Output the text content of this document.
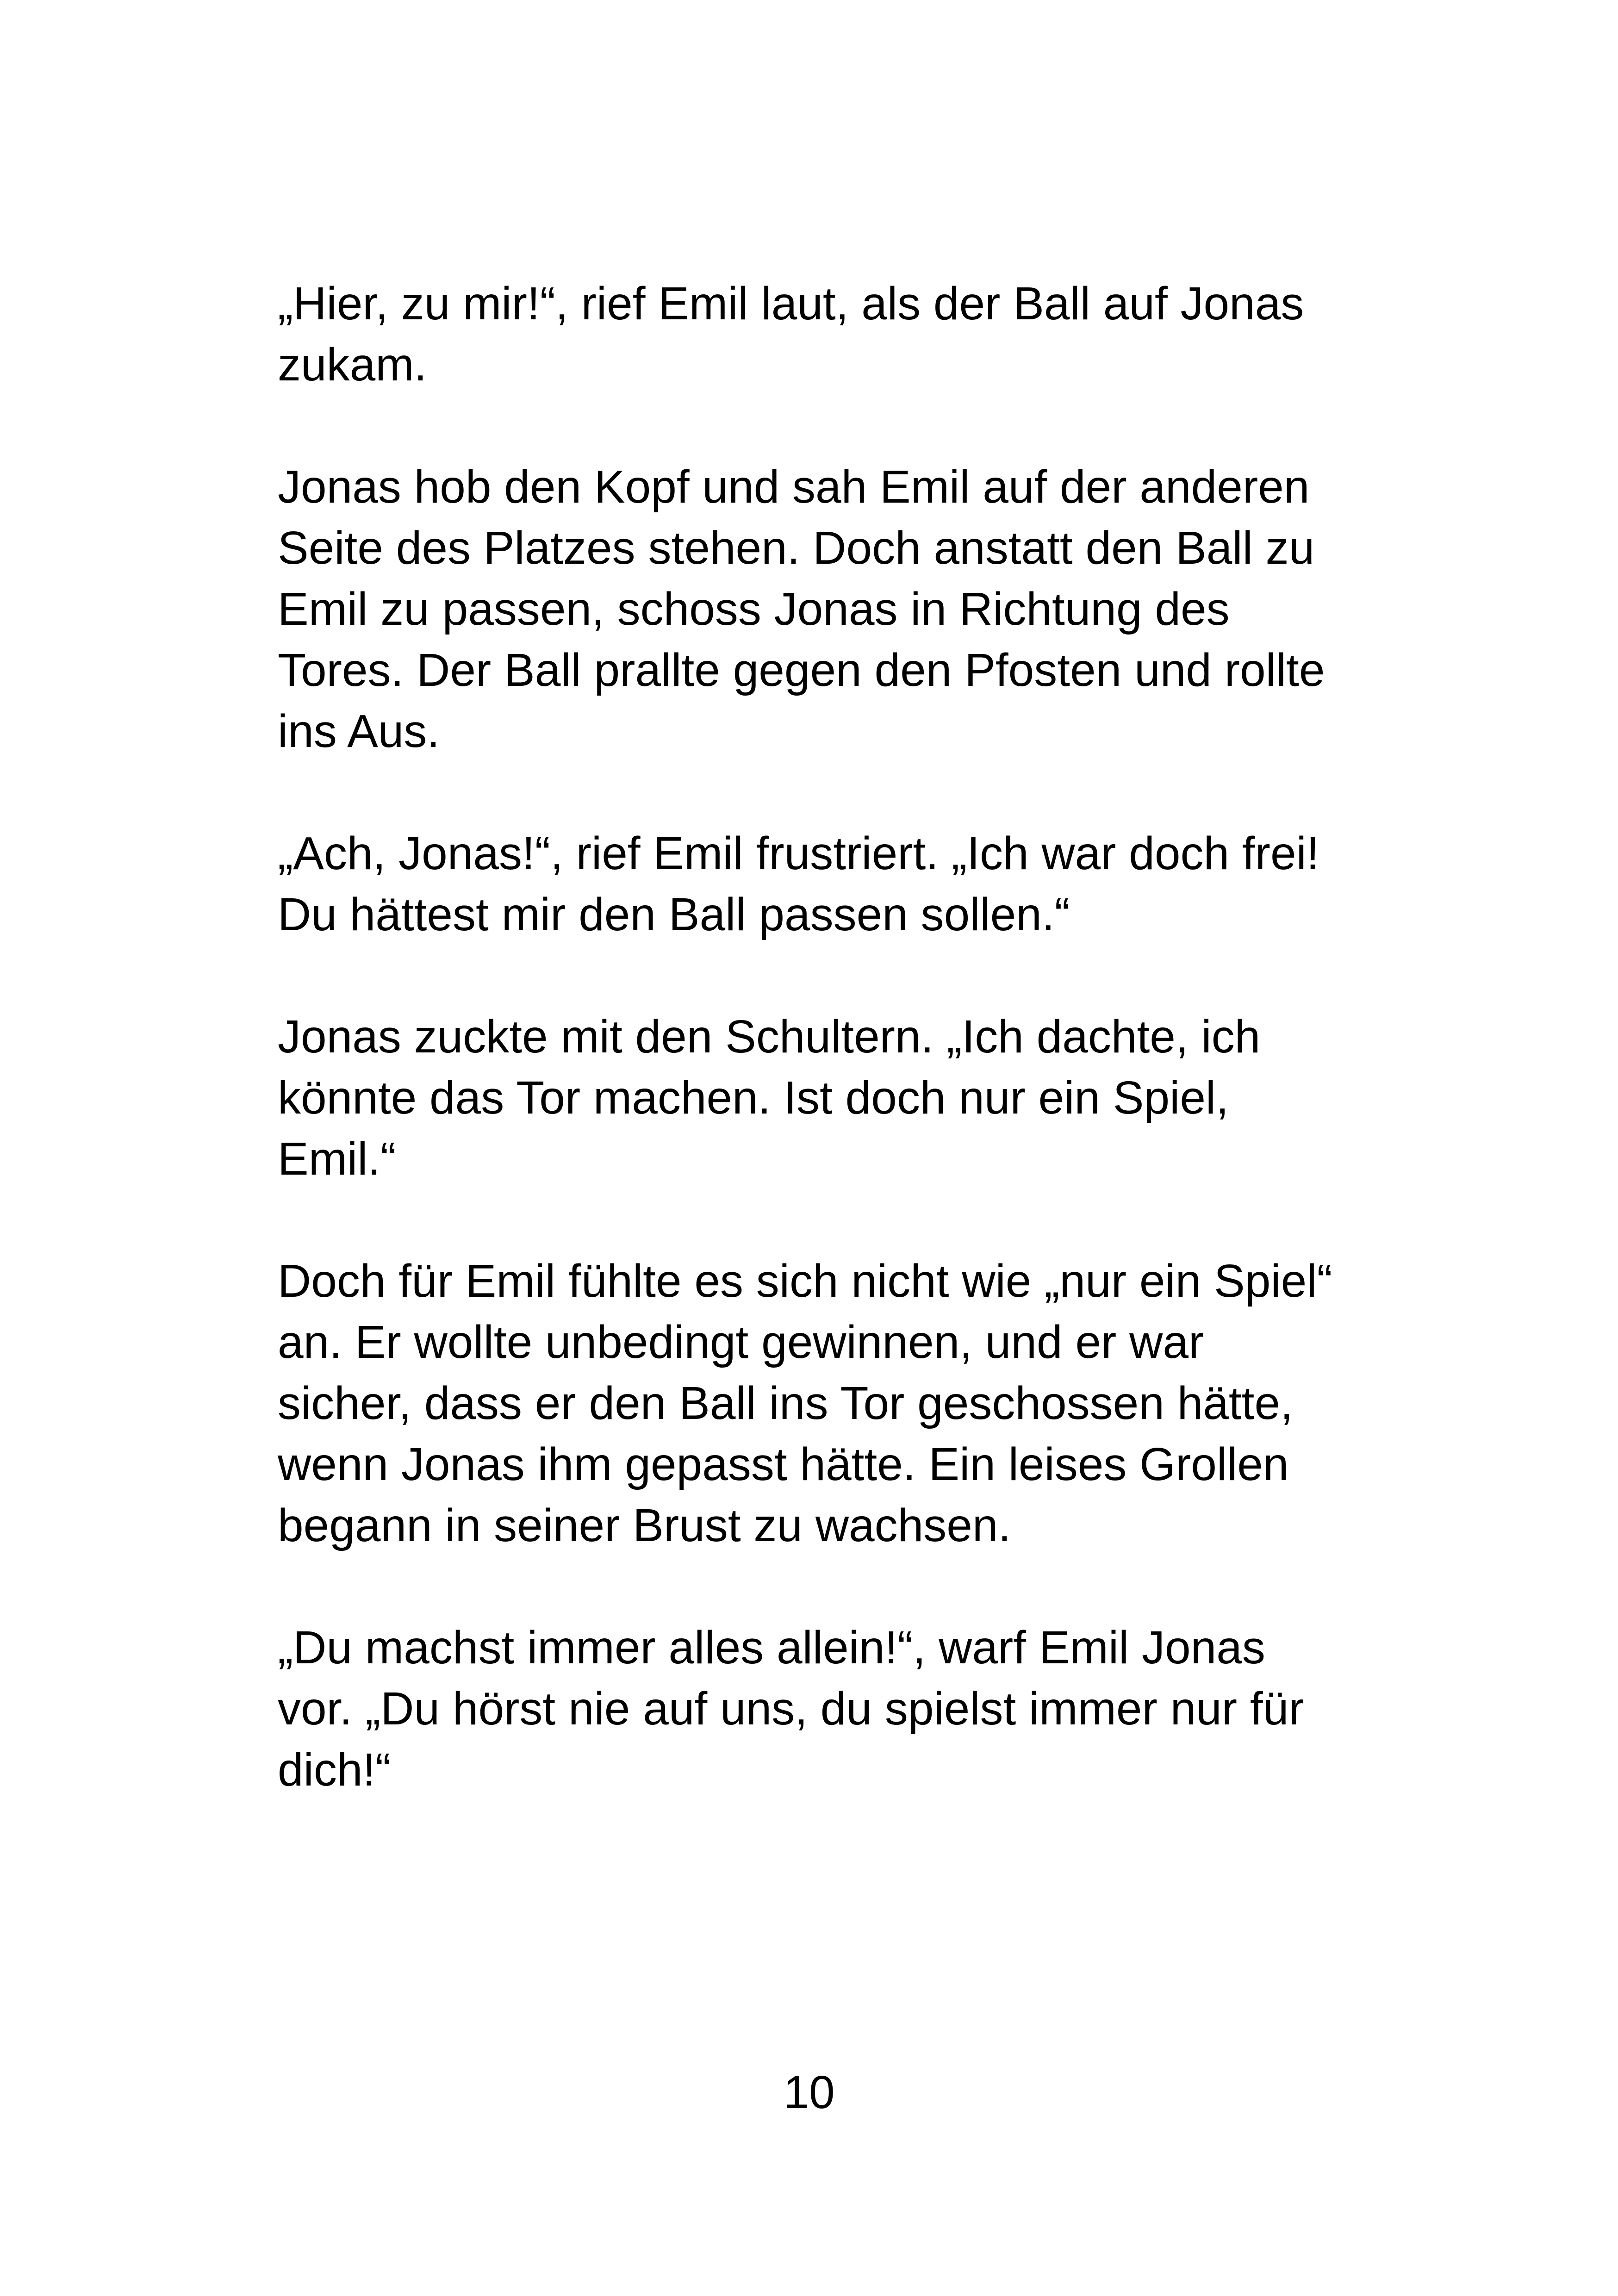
„Hier, zu mir!“, rief Emil laut, als der Ball auf Jonas
zukam.

Jonas hob den Kopf und sah Emil auf der anderen
Seite des Platzes stehen. Doch anstatt den Ball zu
Emil zu passen, schoss Jonas in Richtung des
Tores. Der Ball prallte gegen den Pfosten und rollte
ins Aus.

„Ach, Jonas!“, rief Emil frustriert. „Ich war doch frei!
Du hättest mir den Ball passen sollen.“

Jonas zuckte mit den Schultern. „Ich dachte, ich
könnte das Tor machen. Ist doch nur ein Spiel,
Emil.“

Doch für Emil fühlte es sich nicht wie „nur ein Spiel“
an. Er wollte unbedingt gewinnen, und er war
sicher, dass er den Ball ins Tor geschossen hätte,
wenn Jonas ihm gepasst hätte. Ein leises Grollen
begann in seiner Brust zu wachsen.

„Du machst immer alles allein!“, warf Emil Jonas
vor. „Du hörst nie auf uns, du spielst immer nur für
dich!“

10
